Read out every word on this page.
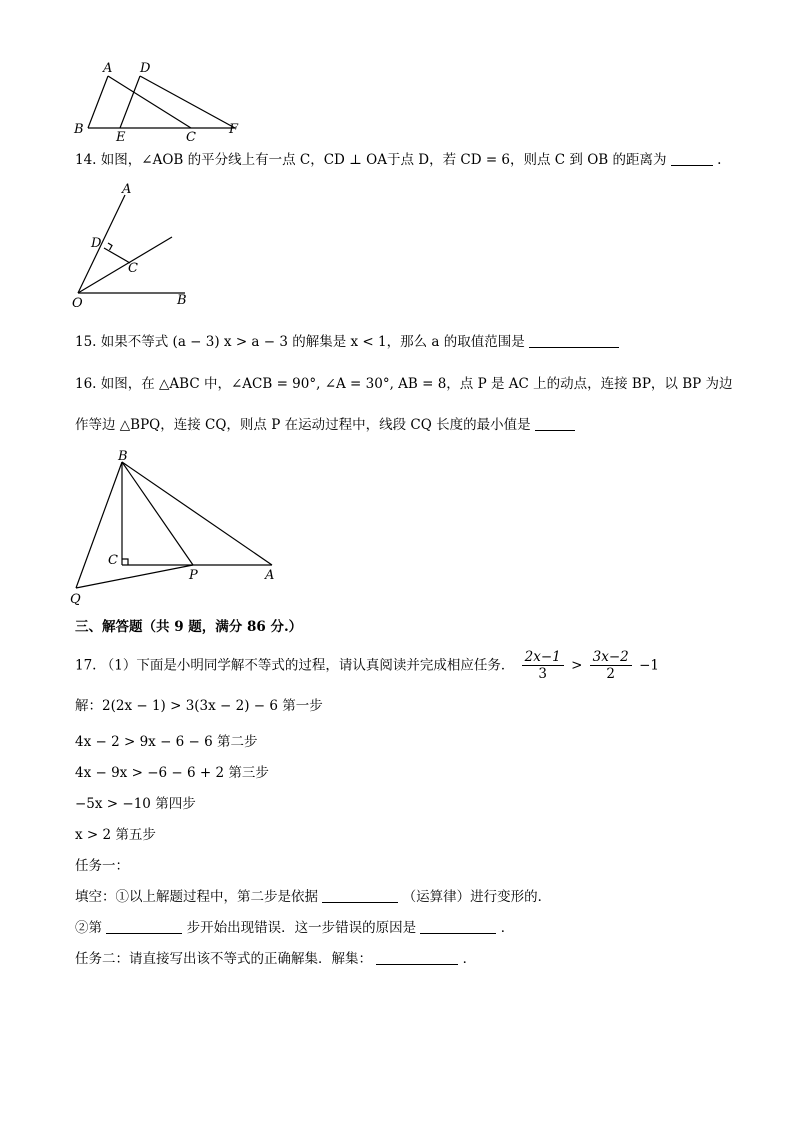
A D
B
E	C
F
14. 如图，∠AOB 的平分线上有一点 C，CD ⊥ OA于点 D，若 CD = 6，则点 C 到 OB 的距离为	.
A
D
C
O	B
15. 如果不等式 (a − 3) x > a − 3 的解集是 x < 1，那么 a 的取值范围是
16. 如图，在 △ABC 中，∠ACB = 90°, ∠A = 30°, AB = 8，点 P 是 AC 上的动点，连接 BP，以 BP 为边
作等边 △BPQ，连接 CQ，则点 P 在运动过程中，线段 CQ 长度的最小值是
B
C
P	A
Q
三、解答题（共 9 题，满分 86 分.）
17. （1）下面是小明同学解不等式的过程，请认真阅读并完成相应任务． $\frac{2x-1}{3} > \frac{3x-2}{2} -1$
解：2(2x − 1) > 3(3x − 2) − 6 第一步
4x − 2 > 9x − 6 − 6 第二步
4x − 9x > −6 − 6 + 2 第三步
−5x > −10 第四步
x > 2 第五步
任务一：
填空：①以上解题过程中，第二步是依据	（运算律）进行变形的．
②第	步开始出现错误．这一步错误的原因是	．
任务二：请直接写出该不等式的正确解集．解集：	．
